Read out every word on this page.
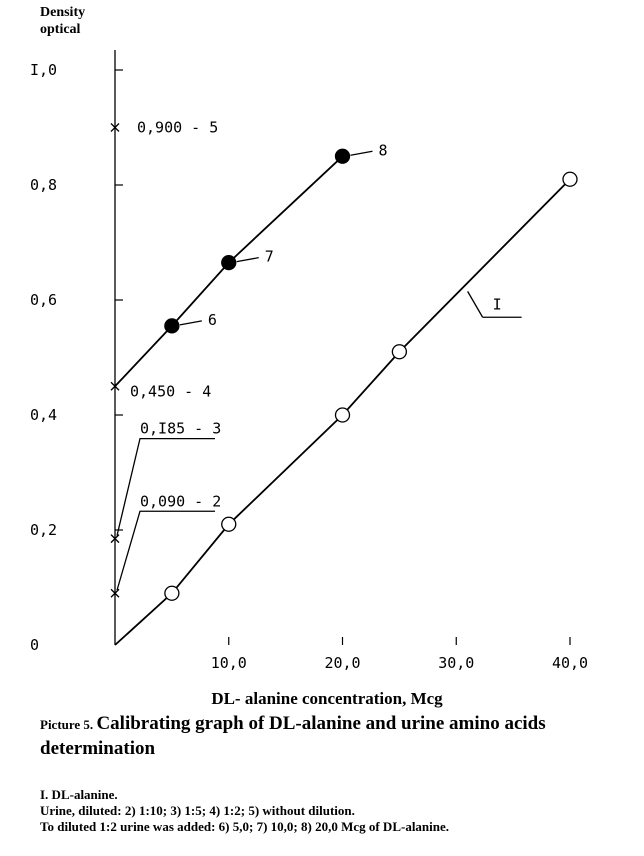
Density
optical
0
0,2
0,4
0,6
0,8
I,0
10,0	20,0	30,0	40,0
I
6
7
8
0,090 - 2
0,I85 - 3
0,450 - 4
0,900 - 5
DL- alanine concentration, Mcg
Picture 5. Calibrating graph of DL-alanine and urine amino acids determination
I. DL-alanine.
Urine, diluted: 2) 1:10; 3) 1:5; 4) 1:2; 5) without dilution.
To diluted 1:2 urine was added: 6) 5,0; 7) 10,0; 8) 20,0 Mcg of DL-alanine.
